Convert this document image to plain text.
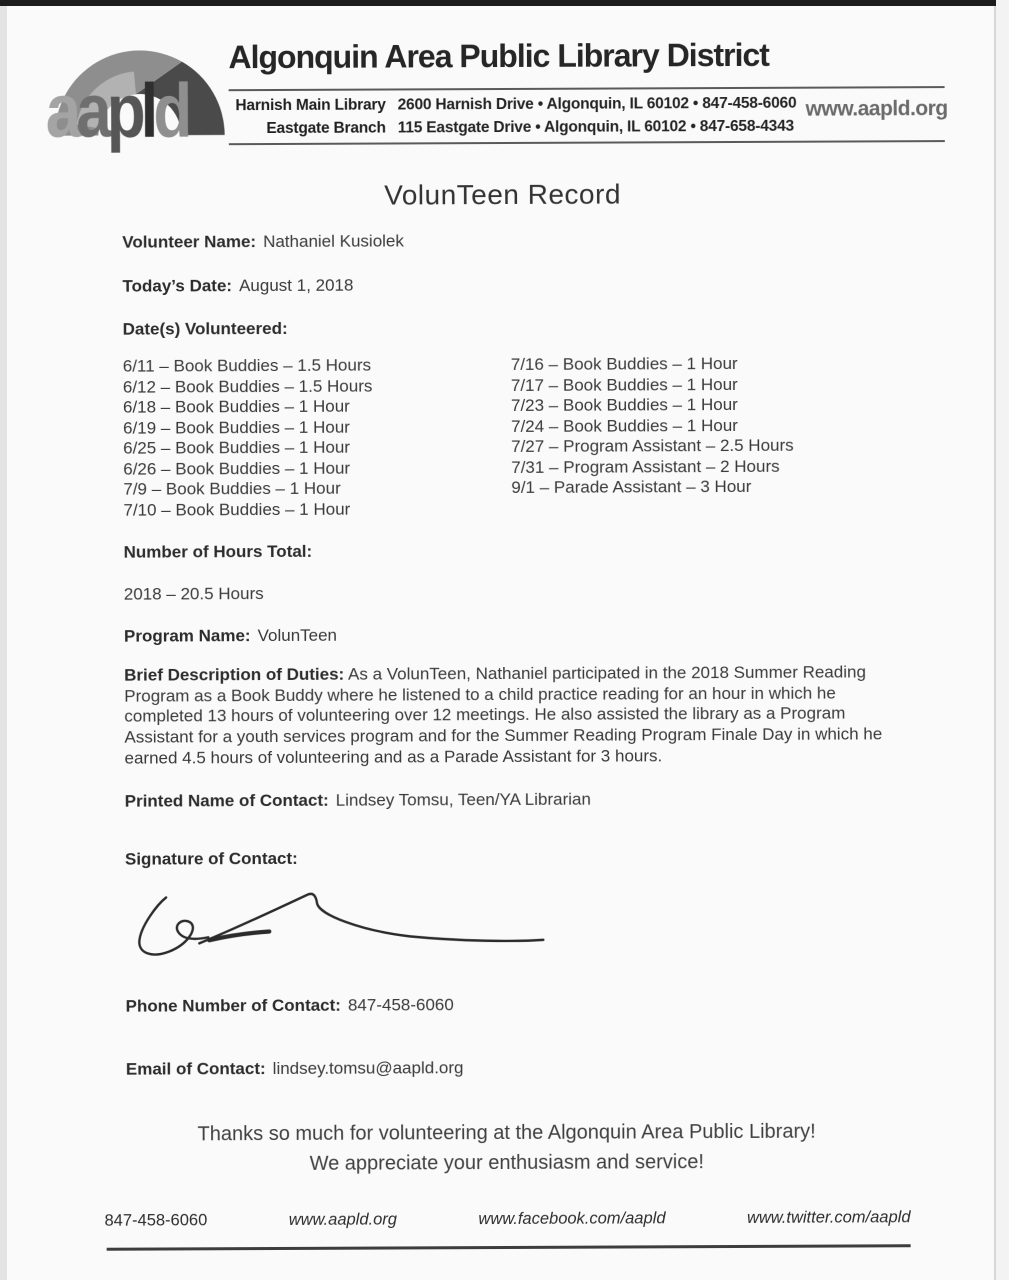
aapld
Algonquin Area Public Library District
Harnish Main Library 2600 Harnish Drive • Algonquin, IL 60102 • 847-458-6060
Eastgate Branch 115 Eastgate Drive • Algonquin, IL 60102 • 847-658-4343
www.aapld.org
VolunTeen Record
Volunteer Name: Nathaniel Kusiolek
Today’s Date: August 1, 2018
Date(s) Volunteered:
6/11 – Book Buddies – 1.5 Hours
6/12 – Book Buddies – 1.5 Hours
6/18 – Book Buddies – 1 Hour
6/19 – Book Buddies – 1 Hour
6/25 – Book Buddies – 1 Hour
6/26 – Book Buddies – 1 Hour
7/9 – Book Buddies – 1 Hour
7/10 – Book Buddies – 1 Hour
7/16 – Book Buddies – 1 Hour
7/17 – Book Buddies – 1 Hour
7/23 – Book Buddies – 1 Hour
7/24 – Book Buddies – 1 Hour
7/27 – Program Assistant – 2.5 Hours
7/31 – Program Assistant – 2 Hours
9/1 – Parade Assistant – 3 Hour
Number of Hours Total:
2018 – 20.5 Hours
Program Name: VolunTeen
Brief Description of Duties: As a VolunTeen, Nathaniel participated in the 2018 Summer Reading Program as a Book Buddy where he listened to a child practice reading for an hour in which he completed 13 hours of volunteering over 12 meetings. He also assisted the library as a Program Assistant for a youth services program and for the Summer Reading Program Finale Day in which he earned 4.5 hours of volunteering and as a Parade Assistant for 3 hours.
Printed Name of Contact: Lindsey Tomsu, Teen/YA Librarian
Signature of Contact:
Phone Number of Contact: 847-458-6060
Email of Contact: lindsey.tomsu@aapld.org
Thanks so much for volunteering at the Algonquin Area Public Library!
We appreciate your enthusiasm and service!
847-458-6060	www.aapld.org	www.facebook.com/aapld	www.twitter.com/aapld
